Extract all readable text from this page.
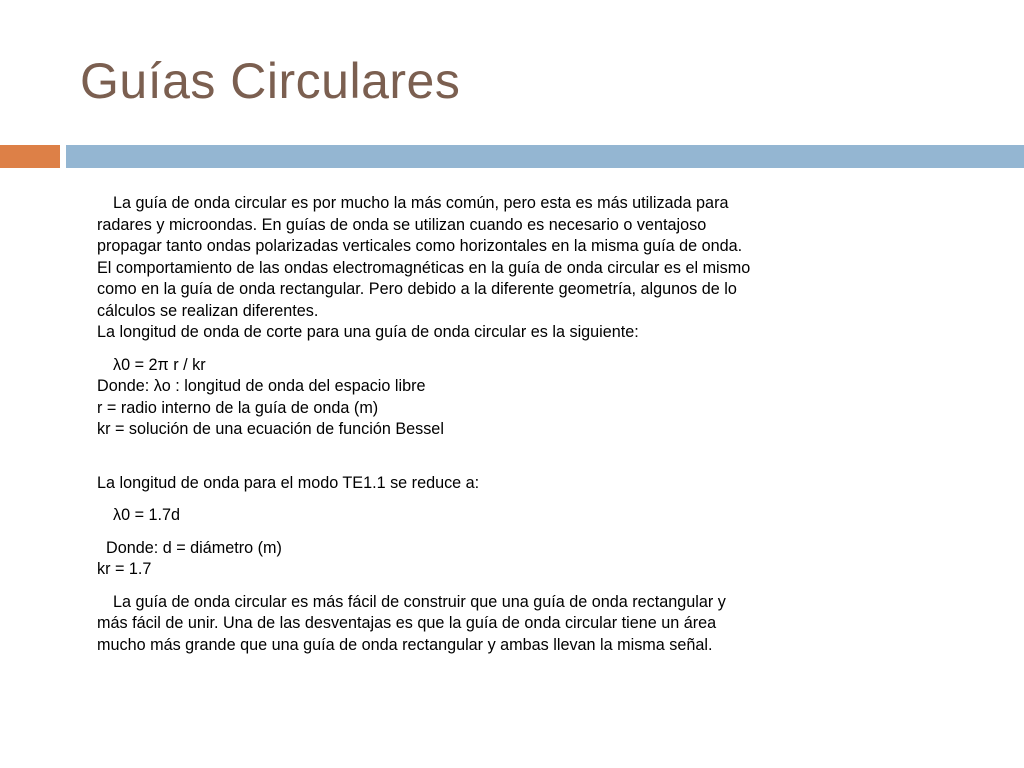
Guías Circulares
La guía de onda circular es por mucho la más común, pero esta es más utilizada para
radares y microondas. En guías de onda se utilizan cuando es necesario o ventajoso
propagar tanto ondas polarizadas verticales como horizontales en la misma guía de onda.
El comportamiento de las ondas electromagnéticas en la guía de onda circular es el mismo
como en la guía de onda rectangular. Pero debido a la diferente geometría, algunos de lo
cálculos se realizan diferentes.
La longitud de onda de corte para una guía de onda circular es la siguiente:
λ0 = 2π r / kr
Donde: λo : longitud de onda del espacio libre
r = radio interno de la guía de onda (m)
kr = solución de una ecuación de función Bessel
La longitud de onda para el modo TE1.1 se reduce a:
λ0 = 1.7d
Donde: d = diámetro (m)
kr = 1.7
La guía de onda circular es más fácil de construir que una guía de onda rectangular y
más fácil de unir. Una de las desventajas es que la guía de onda circular tiene un área
mucho más grande que una guía de onda rectangular y ambas llevan la misma señal.
